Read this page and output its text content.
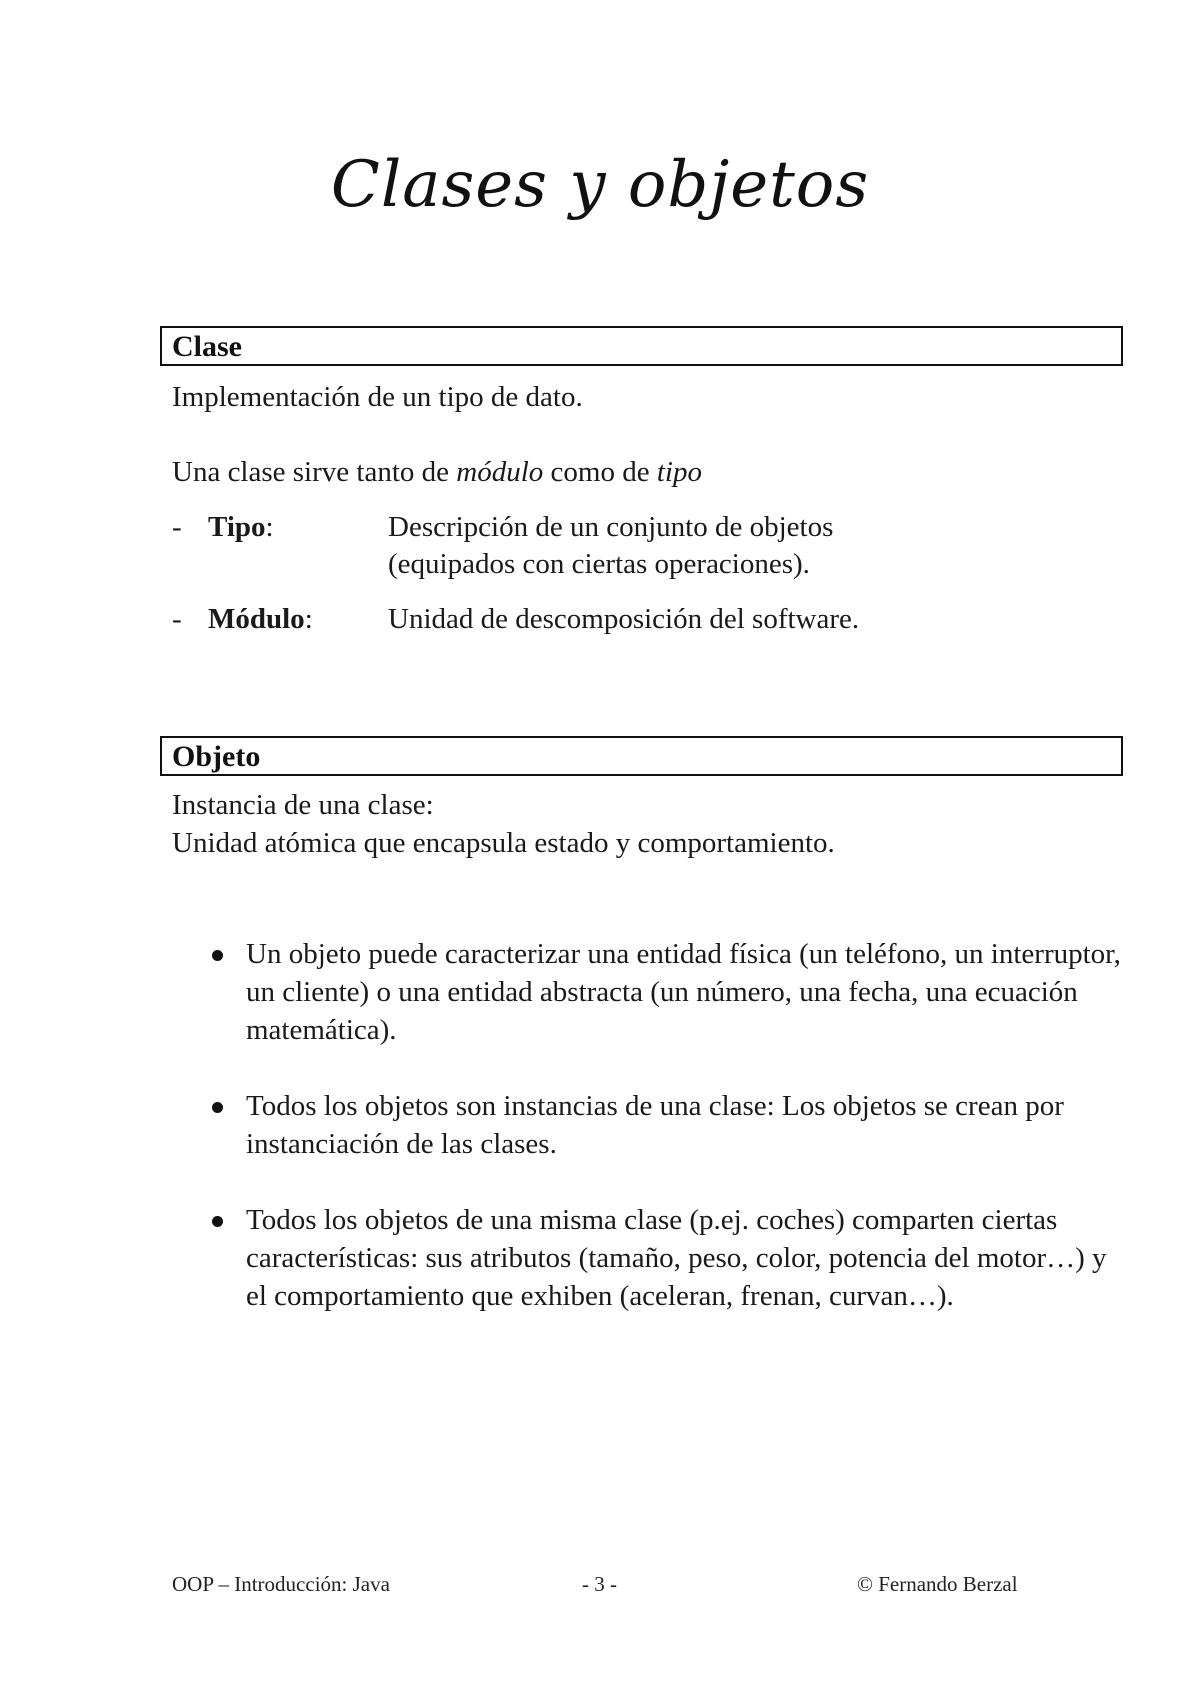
Clases y objetos
Clase
Implementación de un tipo de dato.
Una clase sirve tanto de módulo como de tipo
- Tipo:	Descripción de un conjunto de objetos
(equipados con ciertas operaciones).
- Módulo:	Unidad de descomposición del software.
Objeto
Instancia de una clase:
Unidad atómica que encapsula estado y comportamiento.
Un objeto puede caracterizar una entidad física (un teléfono, un interruptor, un cliente) o una entidad abstracta (un número, una fecha, una ecuación matemática).
Todos los objetos son instancias de una clase: Los objetos se crean por instanciación de las clases.
Todos los objetos de una misma clase (p.ej. coches) comparten ciertas características: sus atributos (tamaño, peso, color, potencia del motor…) y el comportamiento que exhiben (aceleran, frenan, curvan…).
OOP – Introducción: Java	- 3 -	© Fernando Berzal
